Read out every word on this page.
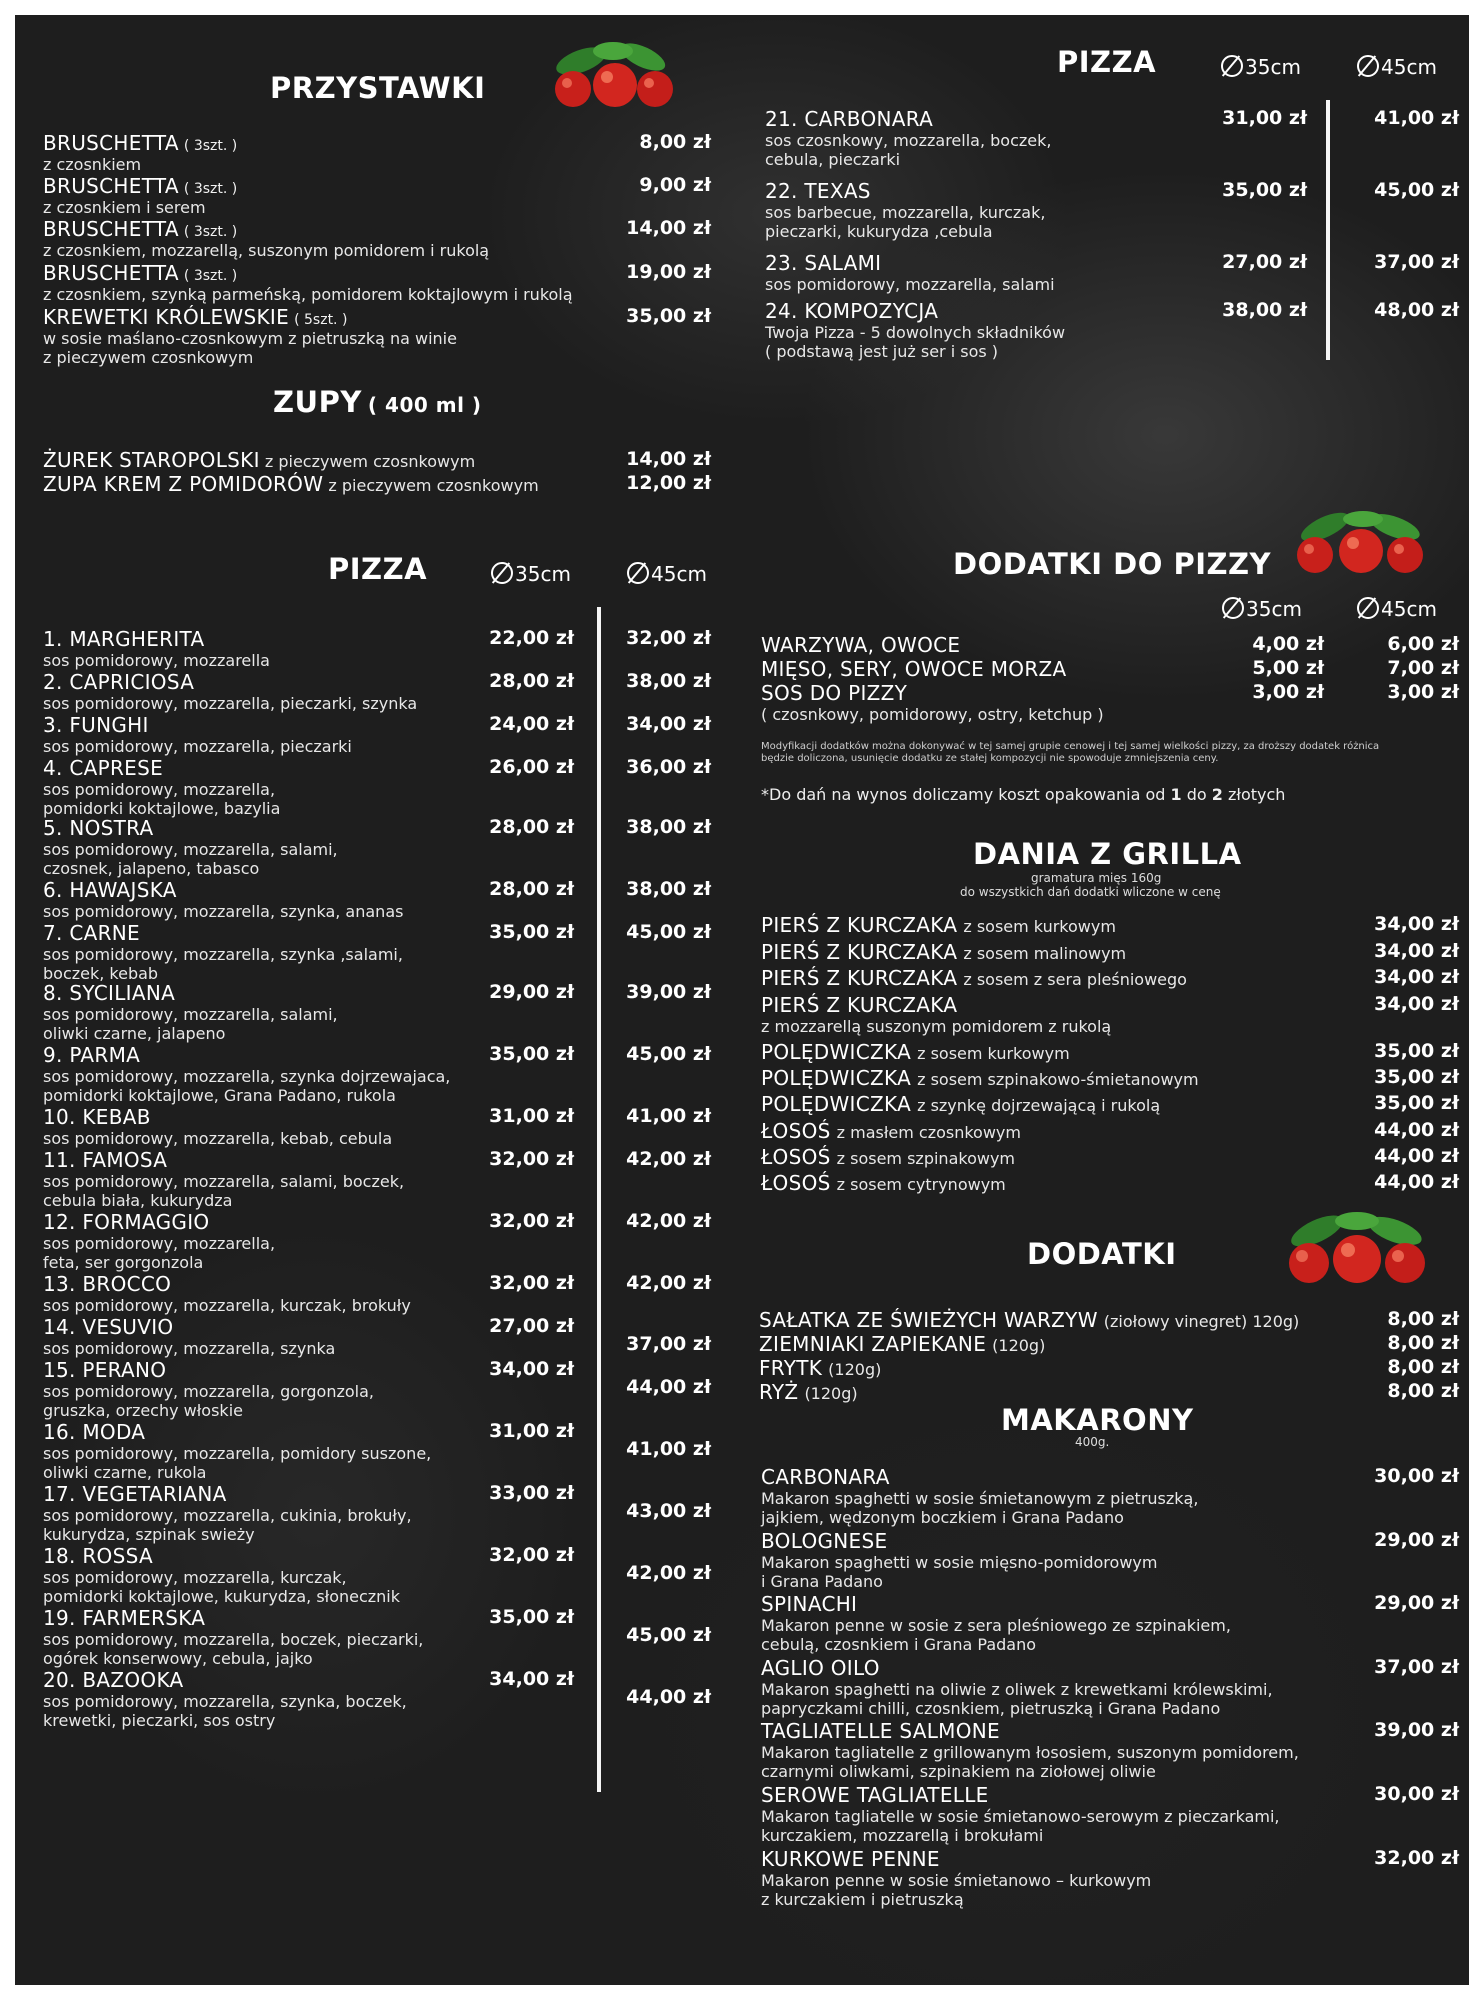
PRZYSTAWKI
BRUSCHETTA ( 3szt. )
z czosnkiem
8,00 zł
BRUSCHETTA ( 3szt. )
z czosnkiem i serem
9,00 zł
BRUSCHETTA ( 3szt. )
z czosnkiem, mozzarellą, suszonym pomidorem i rukolą
14,00 zł
BRUSCHETTA ( 3szt. )
z czosnkiem, szynką parmeńską, pomidorem koktajlowym i rukolą
19,00 zł
KREWETKI KRÓLEWSKIE ( 5szt. )
w sosie maślano-czosnkowym z pietruszką na winie
z pieczywem czosnkowym
35,00 zł
ZUPY ( 400 ml )
ŻUREK STAROPOLSKI z pieczywem czosnkowym	14,00 zł
ZUPA KREM Z POMIDORÓW z pieczywem czosnkowym	12,00 zł
PIZZA	35cm	45cm
PIZZA	35cm	45cm
DODATKI DO PIZZY
35cm	45cm
WARZYWA, OWOCE	4,00 zł	6,00 zł
MIĘSO, SERY, OWOCE MORZA	5,00 zł	7,00 zł
SOS DO PIZZY
( czosnkowy, pomidorowy, ostry, ketchup )
3,00 zł	3,00 zł
Modyfikacji dodatków można dokonywać w tej samej grupie cenowej i tej samej wielkości pizzy, za droższy dodatek różnica
będzie doliczona, usunięcie dodatku ze stałej kompozycji nie spowoduje zmniejszenia ceny.
*Do dań na wynos doliczamy koszt opakowania od 1 do 2 złotych
DANIA Z GRILLA
gramatura mięs 160g
do wszystkich dań dodatki wliczone w cenę
DODATKI
MAKARONY
400g.
1. MARGHERITA
sos pomidorowy, mozzarella
22,00 zł	32,00 zł
2. CAPRICIOSA
sos pomidorowy, mozzarella, pieczarki, szynka
28,00 zł	38,00 zł
3. FUNGHI
sos pomidorowy, mozzarella, pieczarki
24,00 zł	34,00 zł
4. CAPRESE
sos pomidorowy, mozzarella,
pomidorki koktajlowe, bazylia
26,00 zł	36,00 zł
5. NOSTRA
sos pomidorowy, mozzarella, salami,
czosnek, jalapeno, tabasco
28,00 zł	38,00 zł
6. HAWAJSKA
sos pomidorowy, mozzarella, szynka, ananas
28,00 zł	38,00 zł
7. CARNE
sos pomidorowy, mozzarella, szynka ,salami,
boczek, kebab
35,00 zł	45,00 zł
8. SYCILIANA
sos pomidorowy, mozzarella, salami,
oliwki czarne, jalapeno
29,00 zł	39,00 zł
9. PARMA
sos pomidorowy, mozzarella, szynka dojrzewajaca,
pomidorki koktajlowe, Grana Padano, rukola
35,00 zł	45,00 zł
10. KEBAB
sos pomidorowy, mozzarella, kebab, cebula
31,00 zł	41,00 zł
11. FAMOSA
sos pomidorowy, mozzarella, salami, boczek,
cebula biała, kukurydza
32,00 zł	42,00 zł
12. FORMAGGIO
sos pomidorowy, mozzarella,
feta, ser gorgonzola
32,00 zł	42,00 zł
13. BROCCO
sos pomidorowy, mozzarella, kurczak, brokuły
32,00 zł	42,00 zł
14. VESUVIO
sos pomidorowy, mozzarella, szynka
27,00 zł
37,00 zł
15. PERANO
sos pomidorowy, mozzarella, gorgonzola,
gruszka, orzechy włoskie
34,00 zł
44,00 zł
16. MODA
sos pomidorowy, mozzarella, pomidory suszone,
oliwki czarne, rukola
31,00 zł
41,00 zł
17. VEGETARIANA
sos pomidorowy, mozzarella, cukinia, brokuły,
kukurydza, szpinak swieży
33,00 zł
43,00 zł
18. ROSSA
sos pomidorowy, mozzarella, kurczak,
pomidorki koktajlowe, kukurydza, słonecznik
32,00 zł
42,00 zł
19. FARMERSKA
sos pomidorowy, mozzarella, boczek, pieczarki,
ogórek konserwowy, cebula, jajko
35,00 zł
45,00 zł
20. BAZOOKA
sos pomidorowy, mozzarella, szynka, boczek,
krewetki, pieczarki, sos ostry
34,00 zł
44,00 zł
21. CARBONARA
sos czosnkowy, mozzarella, boczek,
cebula, pieczarki
31,00 zł	41,00 zł
22. TEXAS
sos barbecue, mozzarella, kurczak,
pieczarki, kukurydza ,cebula
35,00 zł	45,00 zł
23. SALAMI
sos pomidorowy, mozzarella, salami
27,00 zł	37,00 zł
24. KOMPOZYCJA
Twoja Pizza - 5 dowolnych składników
( podstawą jest już ser i sos )
38,00 zł	48,00 zł
PIERŚ Z KURCZAKA z sosem kurkowym	34,00 zł
PIERŚ Z KURCZAKA z sosem malinowym	34,00 zł
PIERŚ Z KURCZAKA z sosem z sera pleśniowego	34,00 zł
PIERŚ Z KURCZAKA
z mozzarellą suszonym pomidorem z rukolą
34,00 zł
POLĘDWICZKA z sosem kurkowym	35,00 zł
POLĘDWICZKA z sosem szpinakowo-śmietanowym	35,00 zł
POLĘDWICZKA z szynkę dojrzewającą i rukolą	35,00 zł
ŁOSOŚ z masłem czosnkowym	44,00 zł
ŁOSOŚ z sosem szpinakowym	44,00 zł
ŁOSOŚ z sosem cytrynowym	44,00 zł
SAŁATKA ZE ŚWIEŻYCH WARZYW (ziołowy vinegret) 120g)	8,00 zł
ZIEMNIAKI ZAPIEKANE (120g)	8,00 zł
FRYTK (120g)	8,00 zł
RYŻ (120g)	8,00 zł
CARBONARA
Makaron spaghetti w sosie śmietanowym z pietruszką,
jajkiem, wędzonym boczkiem i Grana Padano
30,00 zł
BOLOGNESE
Makaron spaghetti w sosie mięsno-pomidorowym
i Grana Padano
29,00 zł
SPINACHI
Makaron penne w sosie z sera pleśniowego ze szpinakiem,
cebulą, czosnkiem i Grana Padano
29,00 zł
AGLIO OILO
Makaron spaghetti na oliwie z oliwek z krewetkami królewskimi,
papryczkami chilli, czosnkiem, pietruszką i Grana Padano
37,00 zł
TAGLIATELLE SALMONE
Makaron tagliatelle z grillowanym łososiem, suszonym pomidorem,
czarnymi oliwkami, szpinakiem na ziołowej oliwie
39,00 zł
SEROWE TAGLIATELLE
Makaron tagliatelle w sosie śmietanowo-serowym z pieczarkami,
kurczakiem, mozzarellą i brokułami
30,00 zł
KURKOWE PENNE
Makaron penne w sosie śmietanowo – kurkowym
z kurczakiem i pietruszką
32,00 zł
